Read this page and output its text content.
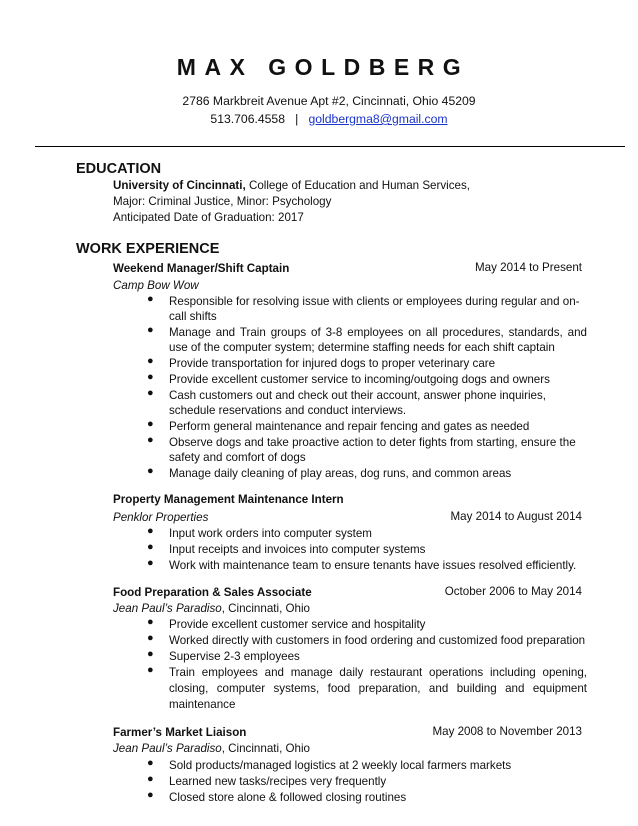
MAX GOLDBERG
2786 Markbreit Avenue Apt #2, Cincinnati, Ohio 45209
513.706.4558 | goldbergma8@gmail.com
EDUCATION
University of Cincinnati, College of Education and Human Services,
Major: Criminal Justice, Minor: Psychology
Anticipated Date of Graduation: 2017
WORK EXPERIENCE
Weekend Manager/Shift Captain	May 2014 to Present
Camp Bow Wow
● Responsible for resolving issue with clients or employees during regular and on-call shifts
● Manage and Train groups of 3-8 employees on all procedures, standards, and use of the computer system; determine staffing needs for each shift captain
● Provide transportation for injured dogs to proper veterinary care
● Provide excellent customer service to incoming/outgoing dogs and owners
● Cash customers out and check out their account, answer phone inquiries, schedule reservations and conduct interviews.
● Perform general maintenance and repair fencing and gates as needed
● Observe dogs and take proactive action to deter fights from starting, ensure the safety and comfort of dogs
● Manage daily cleaning of play areas, dog runs, and common areas
Property Management Maintenance Intern
Penklor Properties	May 2014 to August 2014
● Input work orders into computer system
● Input receipts and invoices into computer systems
● Work with maintenance team to ensure tenants have issues resolved efficiently.
Food Preparation & Sales Associate	October 2006 to May 2014
Jean Paul’s Paradiso, Cincinnati, Ohio
● Provide excellent customer service and hospitality
● Worked directly with customers in food ordering and customized food preparation
● Supervise 2-3 employees
● Train employees and manage daily restaurant operations including opening, closing, computer systems, food preparation, and building and equipment maintenance
Farmer’s Market Liaison	May 2008 to November 2013
Jean Paul’s Paradiso, Cincinnati, Ohio
● Sold products/managed logistics at 2 weekly local farmers markets
● Learned new tasks/recipes very frequently
● Closed store alone & followed closing routines
